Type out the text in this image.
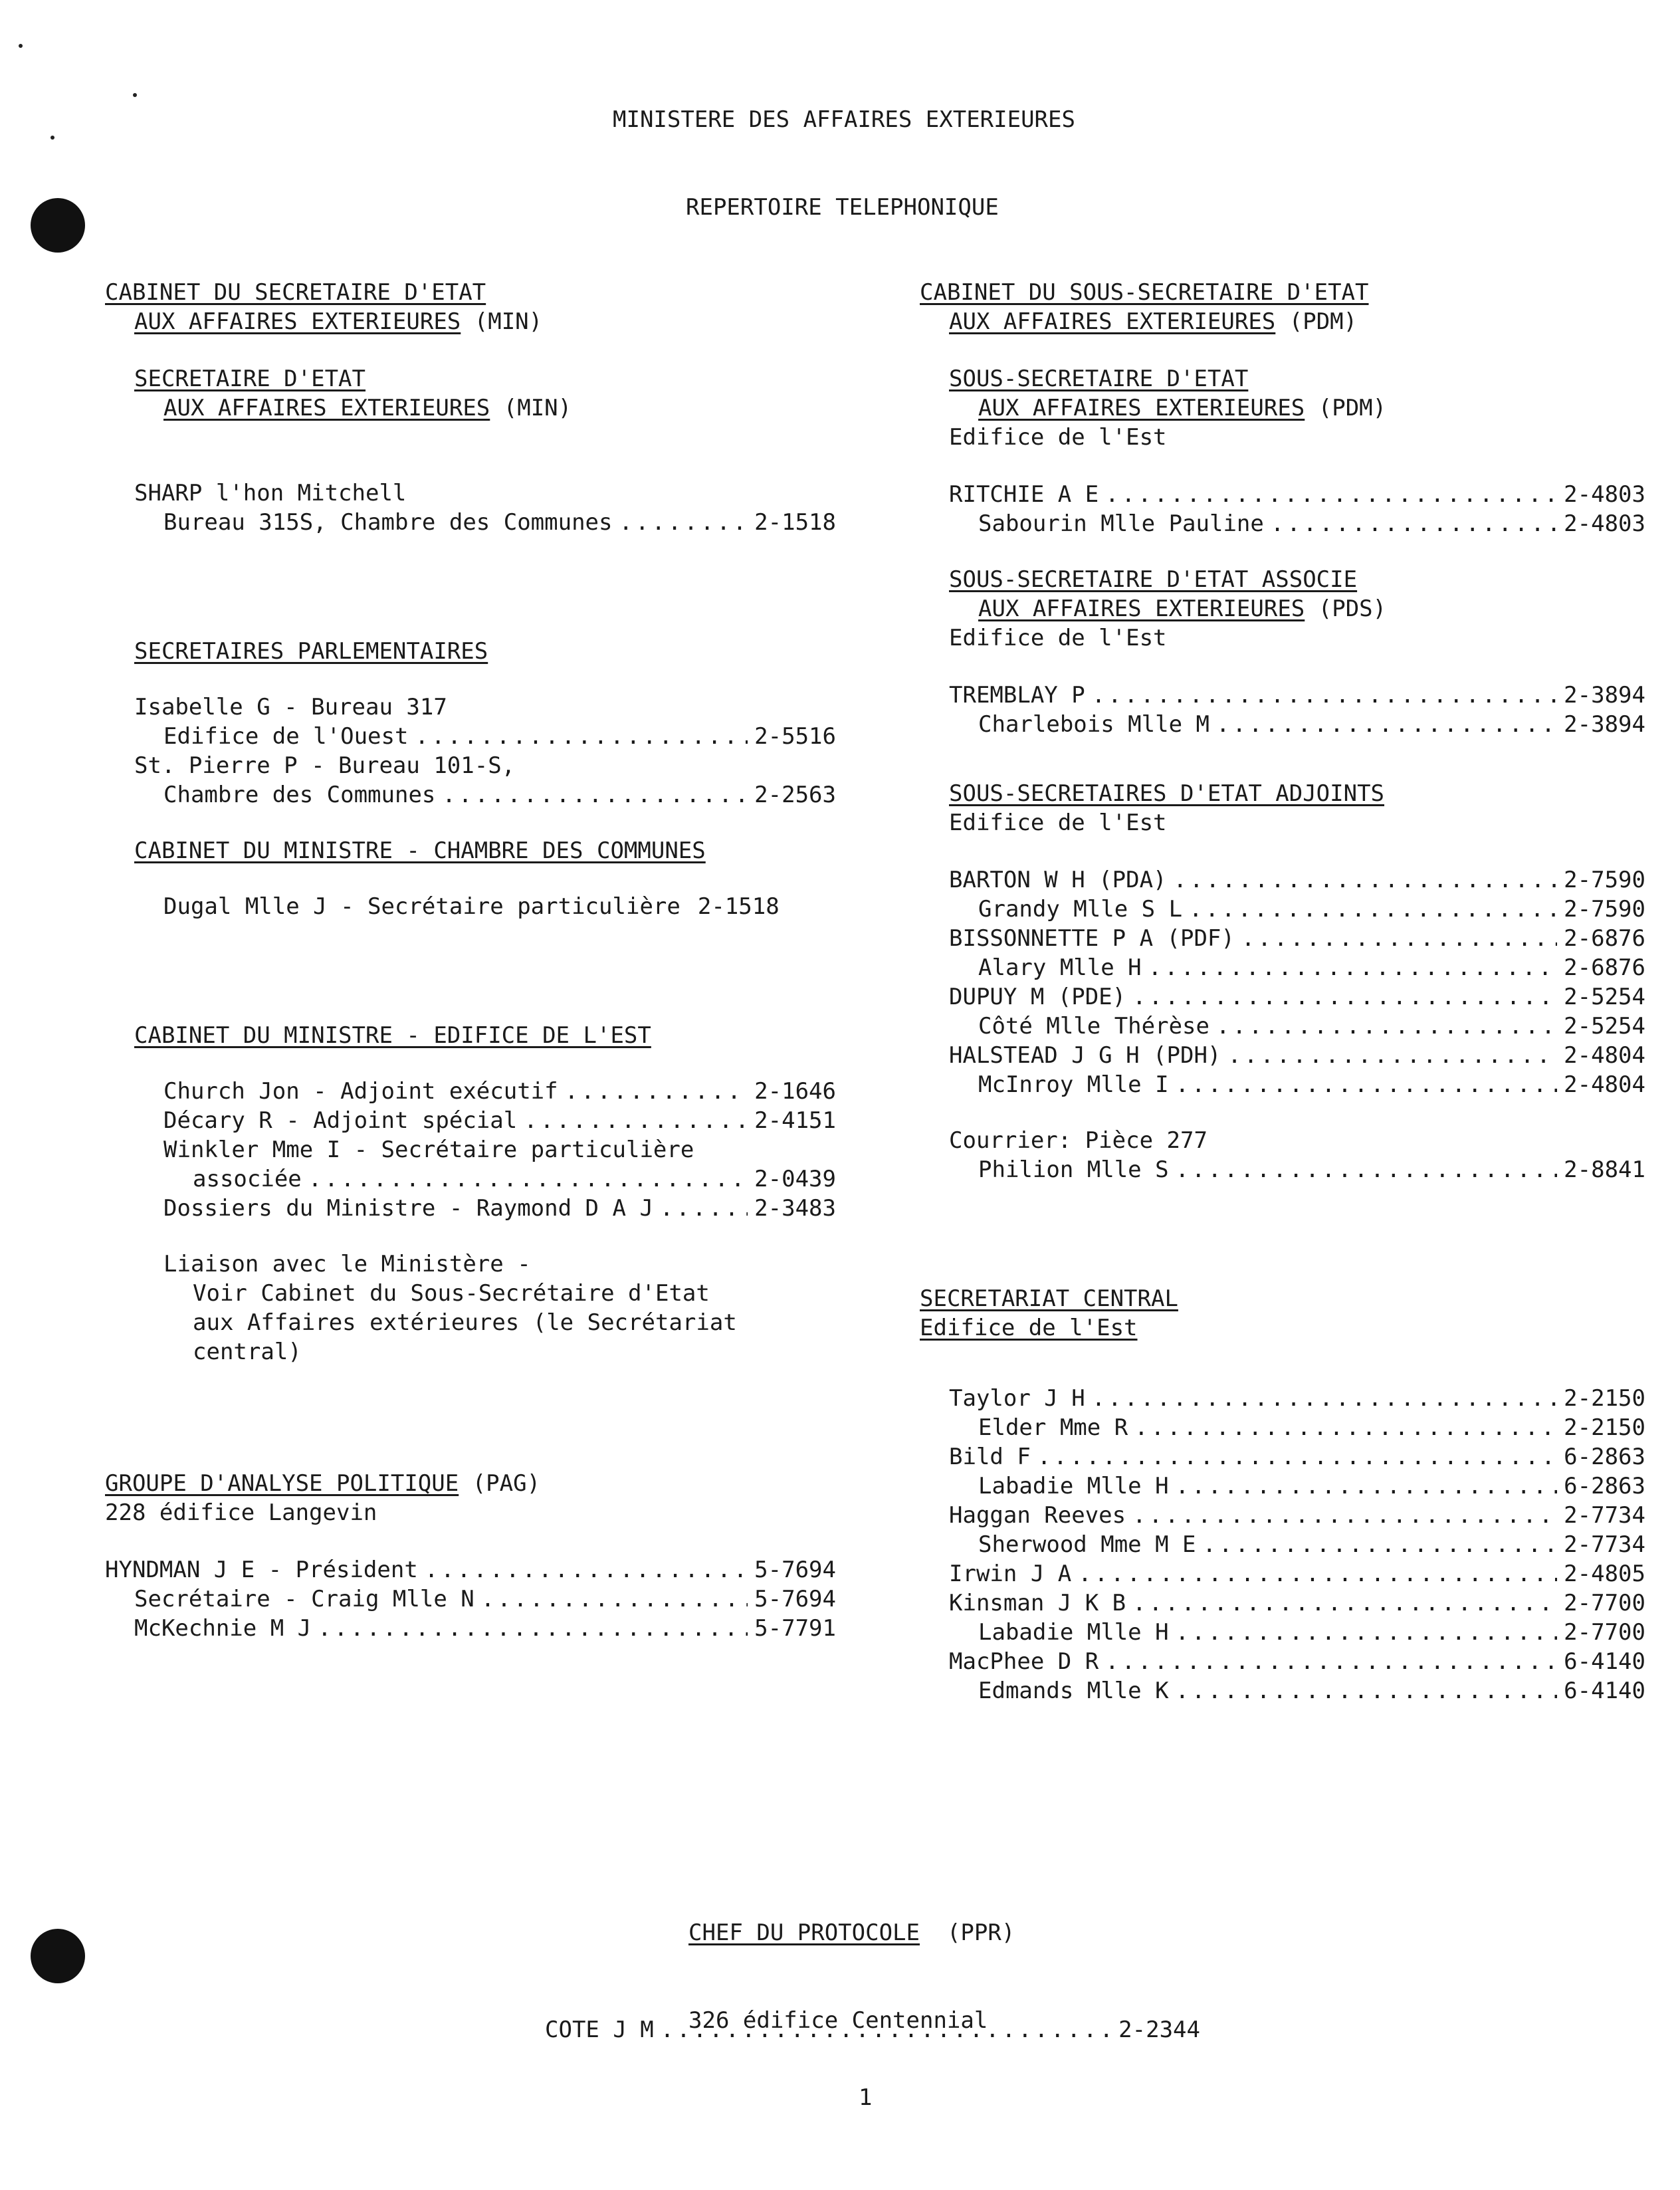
MINISTERE DES AFFAIRES EXTERIEURES
REPERTOIRE TELEPHONIQUE
CABINET DU SECRETAIRE D'ETAT
AUX AFFAIRES EXTERIEURES (MIN)
SECRETAIRE D'ETAT
AUX AFFAIRES EXTERIEURES (MIN)
SHARP l'hon Mitchell
Bureau 315S, Chambre des Communes .....	2-1518
SECRETAIRES PARLEMENTAIRES
Isabelle G - Bureau 317
Edifice de l'Ouest .....	2-5516
St. Pierre P - Bureau 101-S,
Chambre des Communes .....	2-2563
CABINET DU MINISTRE - CHAMBRE DES COMMUNES
Dugal Mlle J - Secrétaire particulière 2-1518
CABINET DU MINISTRE - EDIFICE DE L'EST
Church Jon - Adjoint exécutif .....	2-1646
Décary R - Adjoint spécial .....	2-4151
Winkler Mme I - Secrétaire particulière
associée .....	2-0439
Dossiers du Ministre - Raymond D A J .....	2-3483
Liaison avec le Ministère -
Voir Cabinet du Sous-Secrétaire d'Etat
aux Affaires extérieures (le Secrétariat
central)
GROUPE D'ANALYSE POLITIQUE (PAG)
228 édifice Langevin
HYNDMAN J E - Président .....	5-7694
Secrétaire - Craig Mlle N .....	5-7694
McKechnie M J .....	5-7791
CABINET DU SOUS-SECRETAIRE D'ETAT
AUX AFFAIRES EXTERIEURES (PDM)
SOUS-SECRETAIRE D'ETAT
AUX AFFAIRES EXTERIEURES (PDM)
Edifice de l'Est
RITCHIE A E .....	2-4803
Sabourin Mlle Pauline .....	2-4803
SOUS-SECRETAIRE D'ETAT ASSOCIE
AUX AFFAIRES EXTERIEURES (PDS)
Edifice de l'Est
TREMBLAY P .....	2-3894
Charlebois Mlle M .....	2-3894
SOUS-SECRETAIRES D'ETAT ADJOINTS
Edifice de l'Est
BARTON W H (PDA) .....	2-7590
Grandy Mlle S L .....	2-7590
BISSONNETTE P A (PDF) .....	2-6876
Alary Mlle H .....	2-6876
DUPUY M (PDE) .....	2-5254
Côté Mlle Thérèse .....	2-5254
HALSTEAD J G H (PDH) .....	2-4804
McInroy Mlle I .....	2-4804
Courrier: Pièce 277
Philion Mlle S .....	2-8841
SECRETARIAT CENTRAL
Edifice de l'Est
Taylor J H .....	2-2150
Elder Mme R .....	2-2150
Bild F .....	6-2863
Labadie Mlle H .....	6-2863
Haggan Reeves .....	2-7734
Sherwood Mme M E .....	2-7734
Irwin J A .....	2-4805
Kinsman J K B .....	2-7700
Labadie Mlle H .....	2-7700
MacPhee D R .....	6-4140
Edmands Mlle K .....	6-4140

CHEF DU PROTOCOLE (PPR)

326 édifice Centennial

COTE J M .....	2-2344

1
